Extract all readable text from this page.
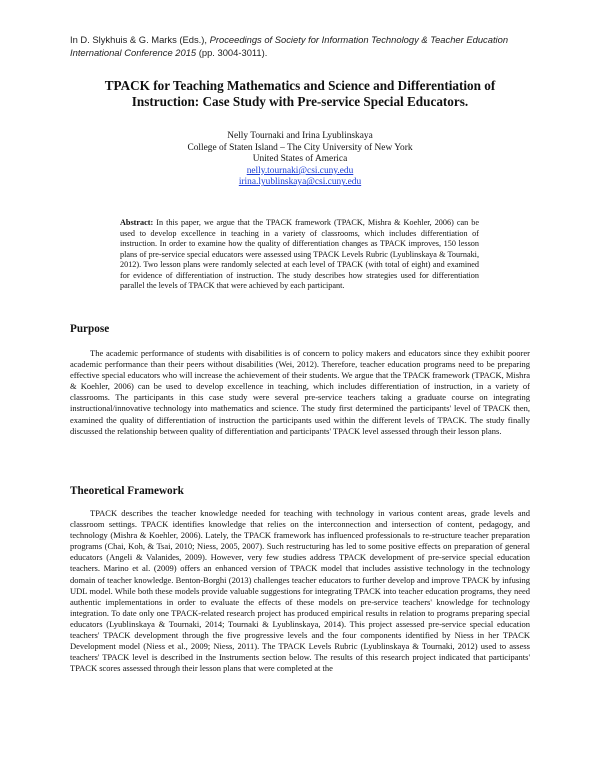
In D. Slykhuis & G. Marks (Eds.), Proceedings of Society for Information Technology & Teacher Education International Conference 2015 (pp. 3004-3011).
TPACK for Teaching Mathematics and Science and Differentiation of Instruction: Case Study with Pre-service Special Educators.
Nelly Tournaki and Irina Lyublinskaya
College of Staten Island – The City University of New York
United States of America
nelly.tournaki@csi.cuny.edu
irina.lyublinskaya@csi.cuny.edu
Abstract: In this paper, we argue that the TPACK framework (TPACK, Mishra & Koehler, 2006) can be used to develop excellence in teaching in a variety of classrooms, which includes differentiation of instruction. In order to examine how the quality of differentiation changes as TPACK improves, 150 lesson plans of pre-service special educators were assessed using TPACK Levels Rubric (Lyublinskaya & Tournaki, 2012). Two lesson plans were randomly selected at each level of TPACK (with total of eight) and examined for evidence of differentiation of instruction. The study describes how strategies used for differentiation parallel the levels of TPACK that were achieved by each participant.
Purpose
The academic performance of students with disabilities is of concern to policy makers and educators since they exhibit poorer academic performance than their peers without disabilities (Wei, 2012). Therefore, teacher education programs need to be preparing effective special educators who will increase the achievement of their students. We argue that the TPACK framework (TPACK, Mishra & Koehler, 2006) can be used to develop excellence in teaching, which includes differentiation of instruction, in a variety of classrooms. The participants in this case study were several pre-service teachers taking a graduate course on integrating instructional/innovative technology into mathematics and science. The study first determined the participants' level of TPACK then, examined the quality of differentiation of instruction the participants used within the different levels of TPACK. The study finally discussed the relationship between quality of differentiation and participants' TPACK level assessed through their lesson plans.
Theoretical Framework
TPACK describes the teacher knowledge needed for teaching with technology in various content areas, grade levels and classroom settings. TPACK identifies knowledge that relies on the interconnection and intersection of content, pedagogy, and technology (Mishra & Koehler, 2006). Lately, the TPACK framework has influenced professionals to re-structure teacher preparation programs (Chai, Koh, & Tsai, 2010; Niess, 2005, 2007). Such restructuring has led to some positive effects on preparation of general educators (Angeli & Valanides, 2009). However, very few studies address TPACK development of pre-service special education teachers. Marino et al. (2009) offers an enhanced version of TPACK model that includes assistive technology in the technology domain of teacher knowledge. Benton-Borghi (2013) challenges teacher educators to further develop and improve TPACK by infusing UDL model. While both these models provide valuable suggestions for integrating TPACK into teacher education programs, they need authentic implementations in order to evaluate the effects of these models on pre-service teachers' knowledge for technology integration. To date only one TPACK-related research project has produced empirical results in relation to programs preparing special educators (Lyublinskaya & Tournaki, 2014; Tournaki & Lyublinskaya, 2014). This project assessed pre-service special education teachers' TPACK development through the five progressive levels and the four components identified by Niess in her TPACK Development model (Niess et al., 2009; Niess, 2011). The TPACK Levels Rubric (Lyublinskaya & Tournaki, 2012) used to assess teachers' TPACK level is described in the Instruments section below. The results of this research project indicated that participants' TPACK scores assessed through their lesson plans that were completed at the
